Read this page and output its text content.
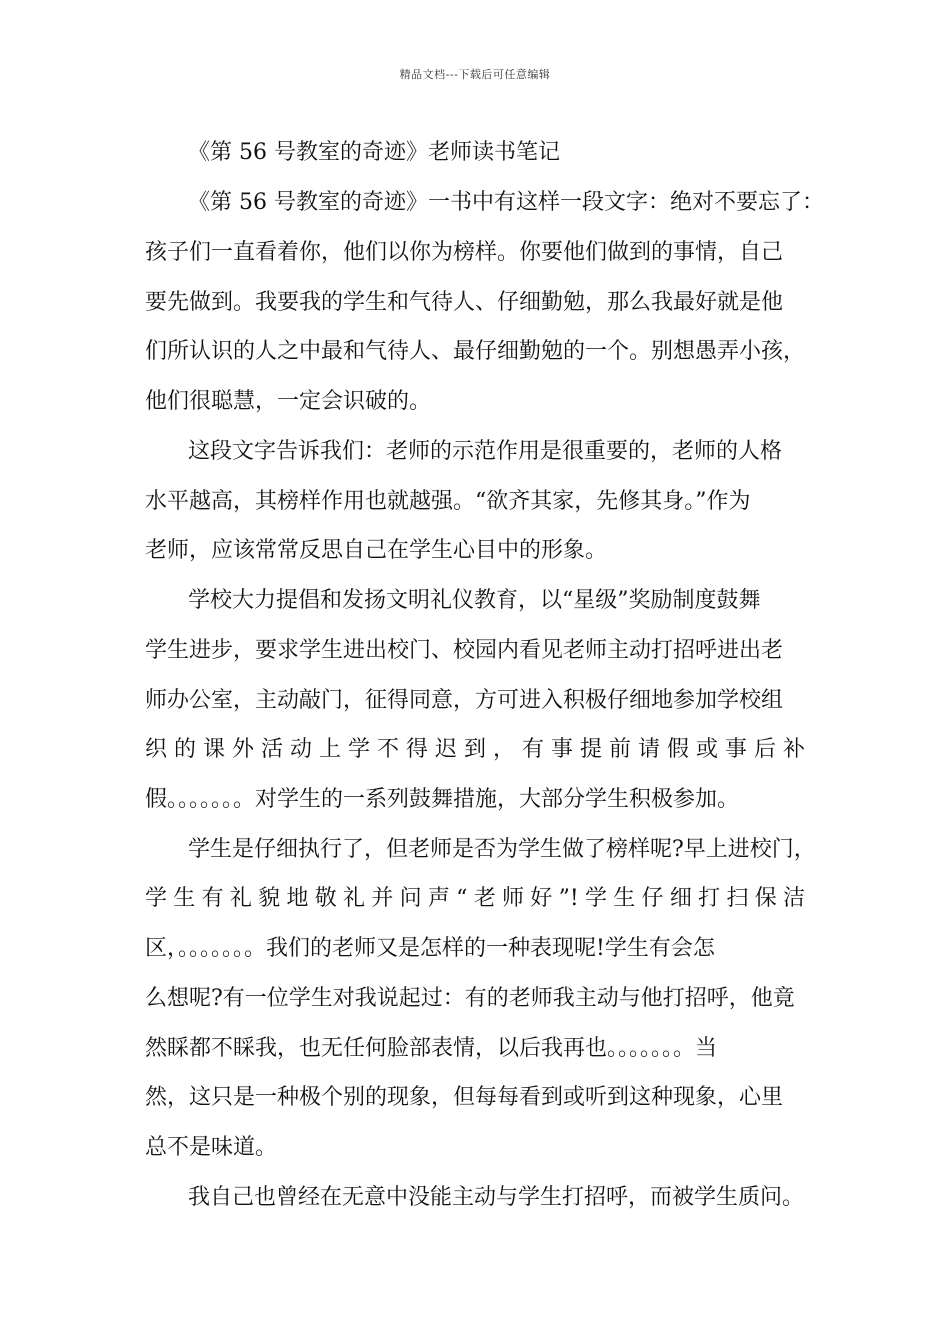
精品文档---下载后可任意编辑
《第 56 号教室的奇迹》老师读书笔记
《第 56 号教室的奇迹》一书中有这样一段文字：绝对不要忘了：
孩子们一直看着你，他们以你为榜样。你要他们做到的事情，自己
要先做到。我要我的学生和气待人、仔细勤勉，那么我最好就是他
们所认识的人之中最和气待人、最仔细勤勉的一个。别想愚弄小孩，
他们很聪慧，一定会识破的。
这段文字告诉我们：老师的示范作用是很重要的，老师的人格
水平越高，其榜样作用也就越强。“欲齐其家，先修其身。”作为
老师，应该常常反思自己在学生心目中的形象。
学校大力提倡和发扬文明礼仪教育，以“星级”奖励制度鼓舞
学生进步，要求学生进出校门、校园内看见老师主动打招呼进出老
师办公室，主动敲门，征得同意，方可进入积极仔细地参加学校组
织的课外活动上学不得迟到，有事提前请假或事后补
假。。。。。。。对学生的一系列鼓舞措施，大部分学生积极参加。
学生是仔细执行了，但老师是否为学生做了榜样呢?早上进校门，
学生有礼貌地敬礼并问声“老师好”!学生仔细打扫保洁
区，。。。。。。。我们的老师又是怎样的一种表现呢!学生有会怎
么想呢?有一位学生对我说起过：有的老师我主动与他打招呼，他竟
然睬都不睬我，也无任何脸部表情，以后我再也。。。。。。。当
然，这只是一种极个别的现象，但每每看到或听到这种现象，心里
总不是味道。
我自己也曾经在无意中没能主动与学生打招呼，而被学生质问。
